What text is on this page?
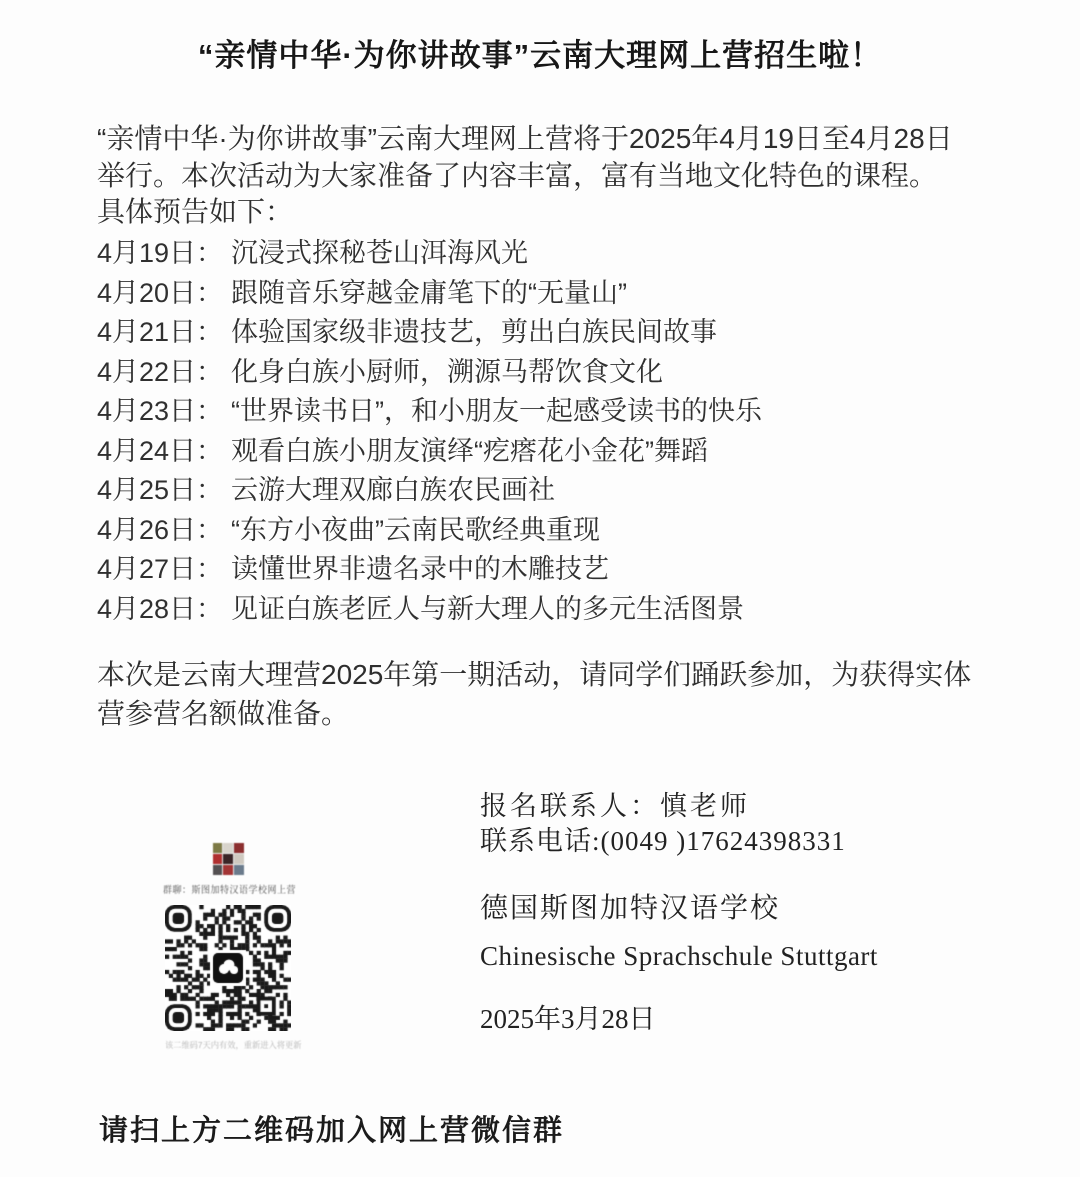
“亲情中华·为你讲故事”云南大理网上营招生啦！
“亲情中华·为你讲故事”云南大理网上营将于2025年4月19日至4月28日
举行。本次活动为大家准备了内容丰富，富有当地文化特色的课程。
具体预告如下：
4月19日： 沉浸式探秘苍山洱海风光
4月20日： 跟随音乐穿越金庸笔下的“无量山”
4月21日： 体验国家级非遗技艺，剪出白族民间故事
4月22日： 化身白族小厨师，溯源马帮饮食文化
4月23日： “世界读书日”，和小朋友一起感受读书的快乐
4月24日： 观看白族小朋友演绎“疙瘩花小金花”舞蹈
4月25日： 云游大理双廊白族农民画社
4月26日： “东方小夜曲”云南民歌经典重现
4月27日： 读懂世界非遗名录中的木雕技艺
4月28日： 见证白族老匠人与新大理人的多元生活图景
本次是云南大理营2025年第一期活动，请同学们踊跃参加，为获得实体
营参营名额做准备。
群聊：斯图加特汉语学校网上营
该二维码7天内有效，重新进入将更新
报名联系人：慎老师
联系电话:(0049 )17624398331
德国斯图加特汉语学校
Chinesische Sprachschule Stuttgart
2025年3月28日
请扫上方二维码加入网上营微信群
